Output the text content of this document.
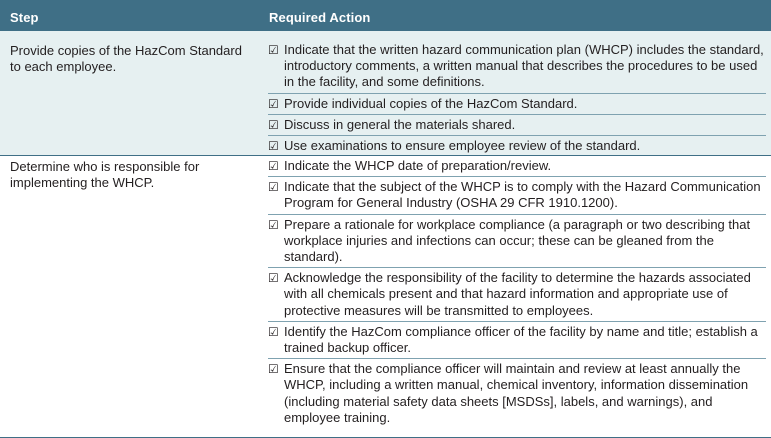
Step	Required Action
Provide copies of the HazCom Standard to each employee.
☑ Indicate that the written hazard communication plan (WHCP) includes the standard, introductory comments, a written manual that describes the procedures to be used in the facility, and some definitions.
☑ Provide individual copies of the HazCom Standard.
☑ Discuss in general the materials shared.
☑ Use examinations to ensure employee review of the standard.
Determine who is responsible for implementing the WHCP.
☑ Indicate the WHCP date of preparation/review.
☑ Indicate that the subject of the WHCP is to comply with the Hazard Communication Program for General Industry (OSHA 29 CFR 1910.1200).
☑ Prepare a rationale for workplace compliance (a paragraph or two describing that workplace injuries and infections can occur; these can be gleaned from the standard).
☑ Acknowledge the responsibility of the facility to determine the hazards associated with all chemicals present and that hazard information and appropriate use of protective measures will be transmitted to employees.
☑ Identify the HazCom compliance officer of the facility by name and title; establish a trained backup officer.
☑ Ensure that the compliance officer will maintain and review at least annually the WHCP, including a written manual, chemical inventory, information dissemination (including material safety data sheets [MSDSs], labels, and warnings), and employee training.
